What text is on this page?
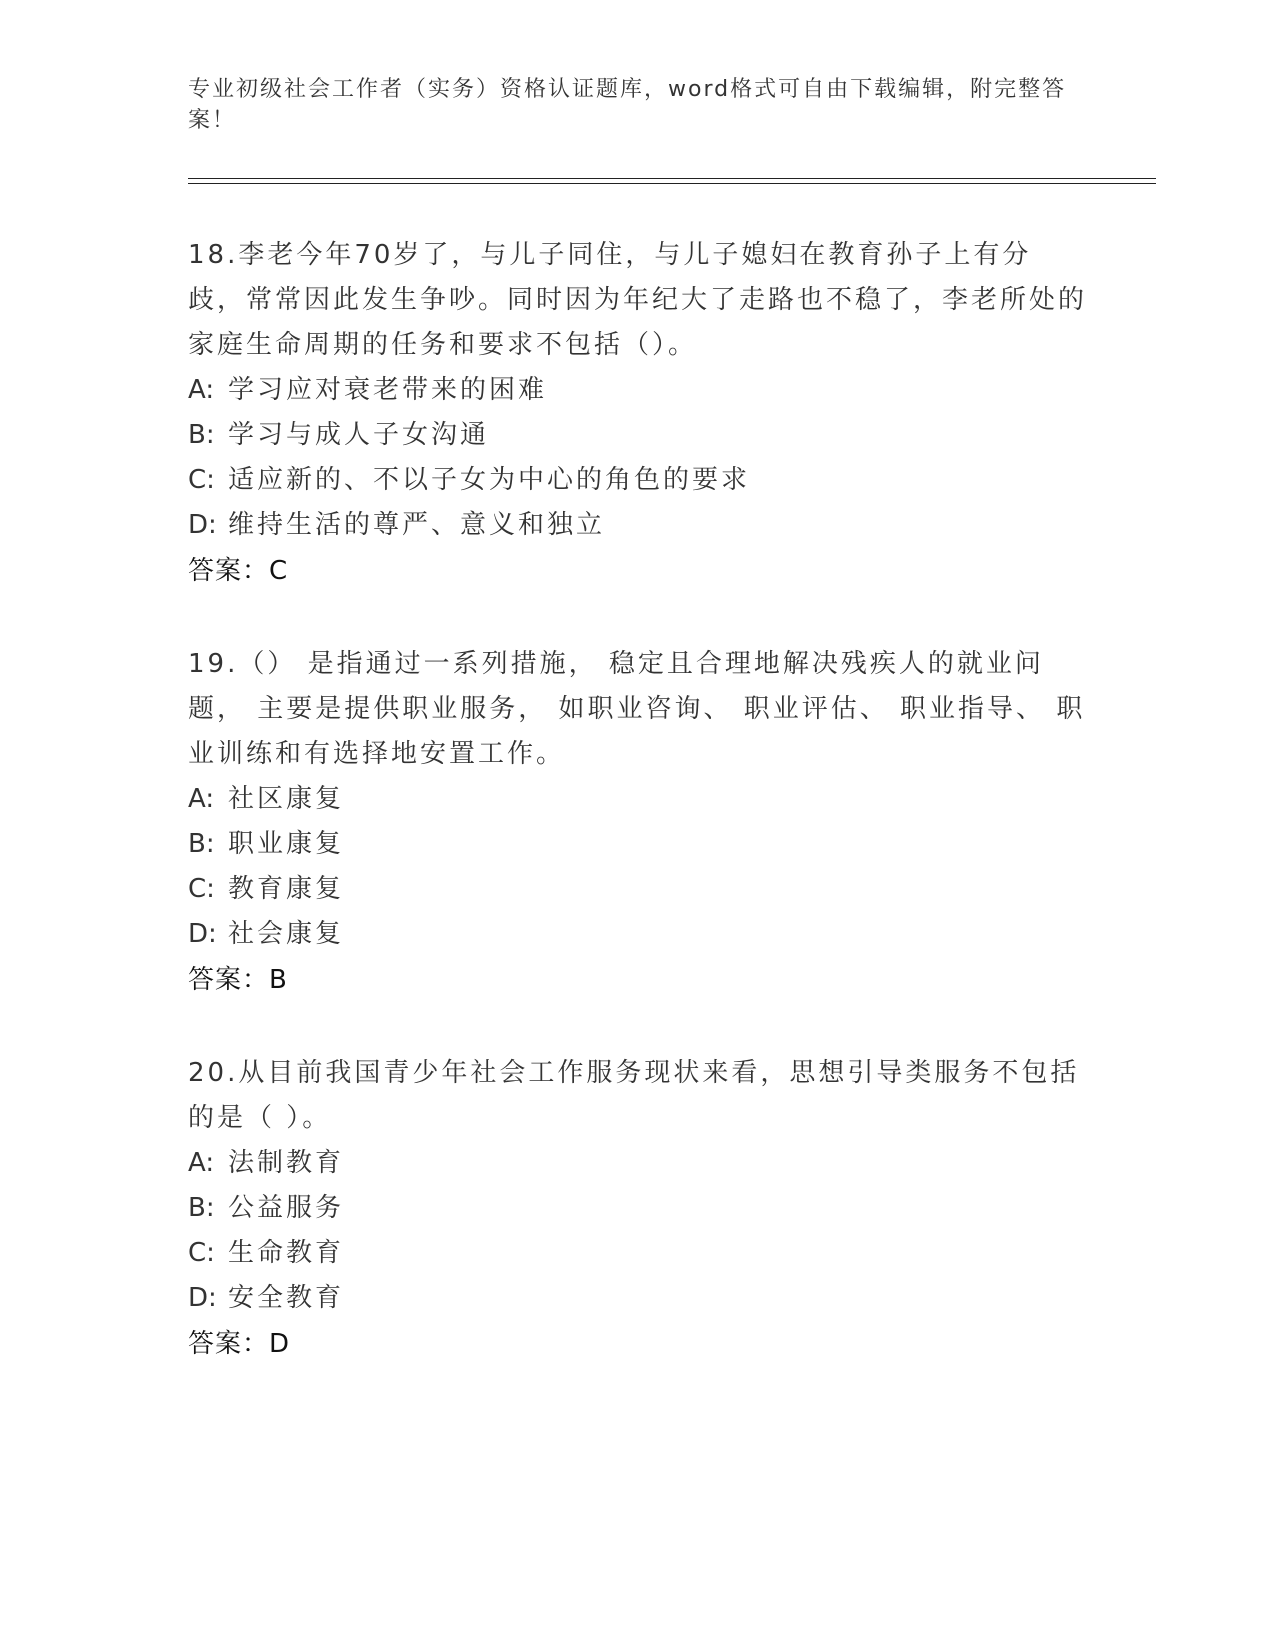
专业初级社会工作者（实务）资格认证题库，word格式可自由下载编辑，附完整答案！

18.李老今年70岁了，与儿子同住，与儿子媳妇在教育孙子上有分歧，常常因此发生争吵。同时因为年纪大了走路也不稳了，李老所处的家庭生命周期的任务和要求不包括（）。

A: 学习应对衰老带来的困难

B: 学习与成人子女沟通

C: 适应新的、不以子女为中心的角色的要求

D: 维持生活的尊严、意义和独立

答案：C

19.（） 是指通过一系列措施， 稳定且合理地解决残疾人的就业问题， 主要是提供职业服务， 如职业咨询、 职业评估、 职业指导、 职业训练和有选择地安置工作。

A: 社区康复

B: 职业康复

C: 教育康复

D: 社会康复

答案：B

20.从目前我国青少年社会工作服务现状来看，思想引导类服务不包括的是（ ）。

A: 法制教育

B: 公益服务

C: 生命教育

D: 安全教育

答案：D
